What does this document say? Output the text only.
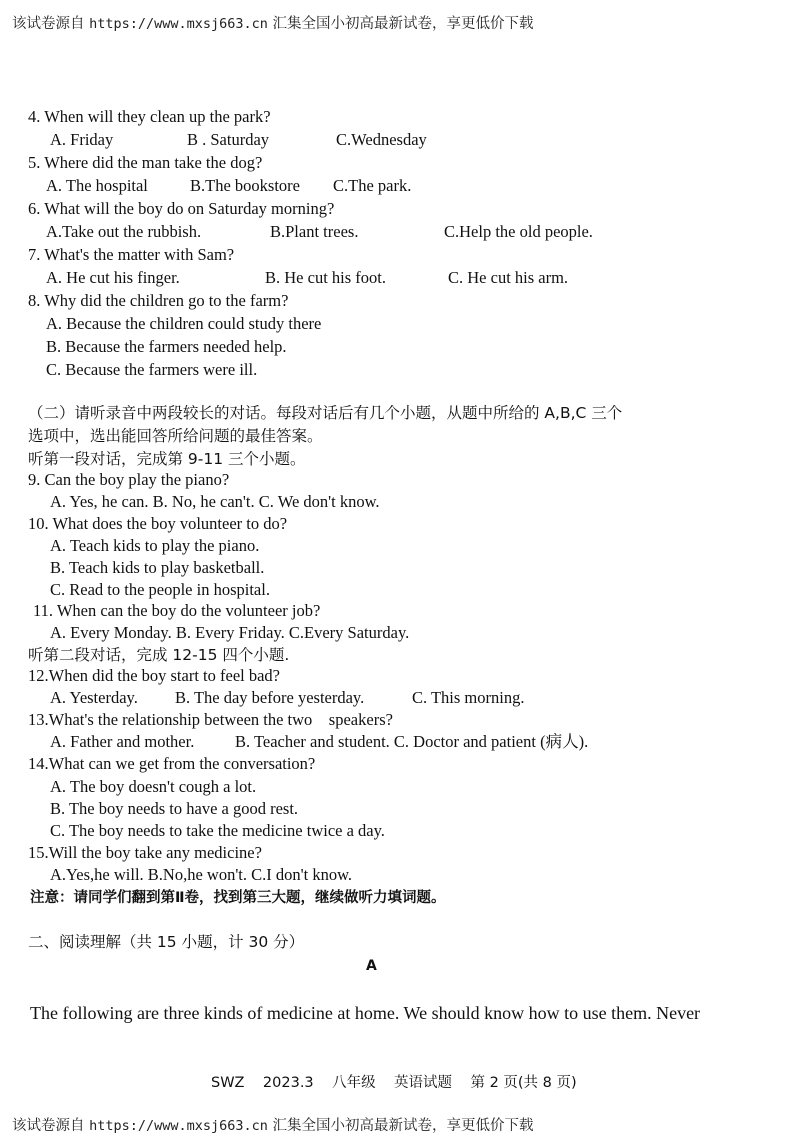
该试卷源自 https://www.mxsj663.cn 汇集全国小初高最新试卷，享更低价下载
4. When will they clean up the park?
A. Friday	B . Saturday	C.Wednesday
5. Where did the man take the dog?
A. The hospital	B.The bookstore C.The park.
6. What will the boy do on Saturday morning?
A.Take out the rubbish.	B.Plant trees.	C.Help the old people.
7. What's the matter with Sam?
A. He cut his finger.	B. He cut his foot.	C. He cut his arm.
8. Why did the children go to the farm?
A. Because the children could study there
B. Because the farmers needed help.
C. Because the farmers were ill.
（二）请听录音中两段较长的对话。每段对话后有几个小题，从题中所给的 A,B,C 三个
选项中，选出能回答所给问题的最佳答案。
听第一段对话，完成第 9-11 三个小题。
9. Can the boy play the piano?
A. Yes, he can. B. No, he can't. C. We don't know.
10. What does the boy volunteer to do?
A. Teach kids to play the piano.
B. Teach kids to play basketball.
C. Read to the people in hospital.
11. When can the boy do the volunteer job?
A. Every Monday. B. Every Friday. C.Every Saturday.
听第二段对话，完成 12-15 四个小题.
12.When did the boy start to feel bad?
A. Yesterday. B. The day before yesterday.	C. This morning.
13.What's the relationship between the two    speakers?
A. Father and mother. B. Teacher and student. C. Doctor and patient (病人).
14.What can we get from the conversation?
A. The boy doesn't cough a lot.
B. The boy needs to have a good rest.
C. The boy needs to take the medicine twice a day.
15.Will the boy take any medicine?
A.Yes,he will. B.No,he won't. C.I don't know.
注意：请同学们翻到第Ⅱ卷，找到第三大题，继续做听力填词题。
二、阅读理解（共 15 小题，计 30 分）
A
The following are three kinds of medicine at home. We should know how to use them. Never
SWZ    2023.3    八年级    英语试题    第 2 页(共 8 页)
该试卷源自 https://www.mxsj663.cn 汇集全国小初高最新试卷，享更低价下载
